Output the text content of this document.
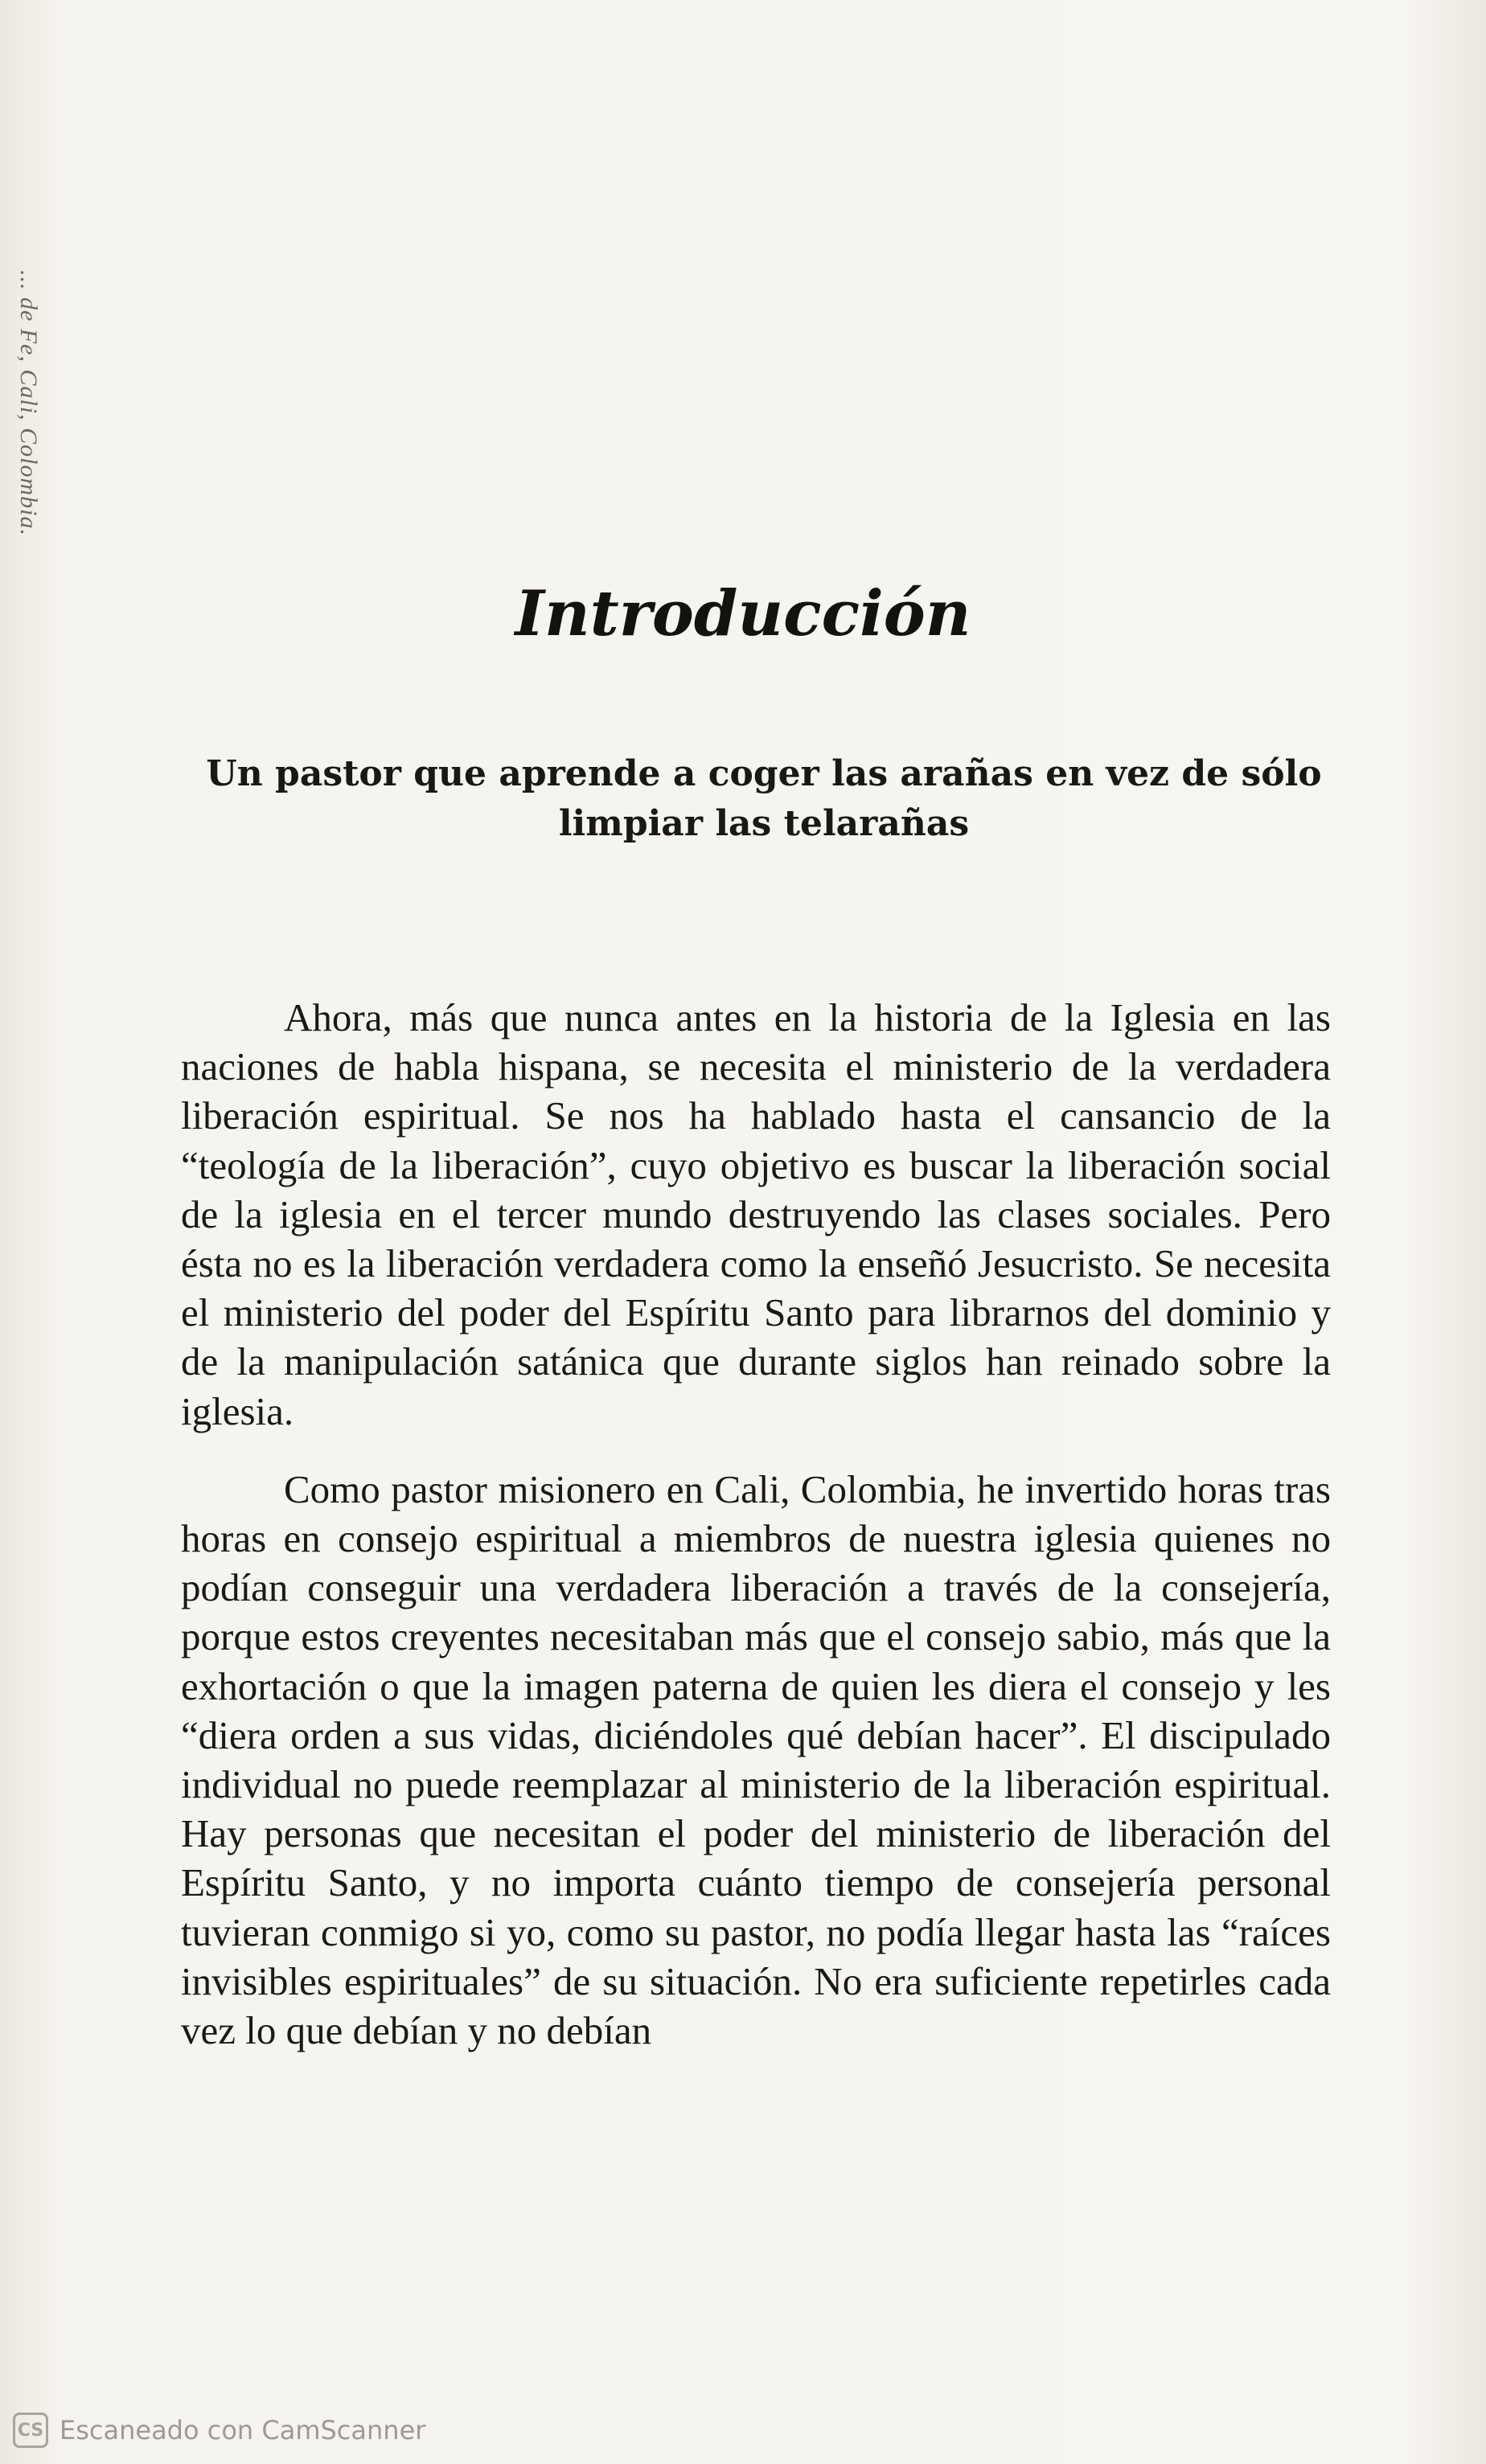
... de Fe, Cali, Colombia.
Introducción
Un pastor que aprende a coger las arañas en vez de sólo
limpiar las telarañas

Ahora, más que nunca antes en la historia de la Iglesia en las naciones de habla hispana, se necesita el ministerio de la verdadera liberación espiritual. Se nos ha hablado hasta el cansancio de la “teología de la liberación”, cuyo objetivo es buscar la liberación social de la iglesia en el tercer mundo destruyendo las clases sociales. Pero ésta no es la liberación verdadera como la enseñó Jesucristo. Se necesita el ministerio del poder del Espíritu Santo para librarnos del dominio y de la manipulación satánica que durante siglos han reinado sobre la iglesia.

Como pastor misionero en Cali, Colombia, he invertido horas tras horas en consejo espiritual a miembros de nuestra iglesia quienes no podían conseguir una verdadera liberación a través de la consejería, porque estos creyentes necesitaban más que el consejo sabio, más que la exhortación o que la imagen paterna de quien les diera el consejo y les “diera orden a sus vidas, diciéndoles qué debían hacer”. El discipulado individual no puede reemplazar al ministerio de la liberación espiritual. Hay personas que necesitan el poder del ministerio de liberación del Espíritu Santo, y no importa cuánto tiempo de consejería personal tuvieran conmigo si yo, como su pastor, no podía llegar hasta las “raíces invisibles espirituales” de su situación. No era suficiente repetirles cada vez lo que debían y no debían

CS Escaneado con CamScanner
